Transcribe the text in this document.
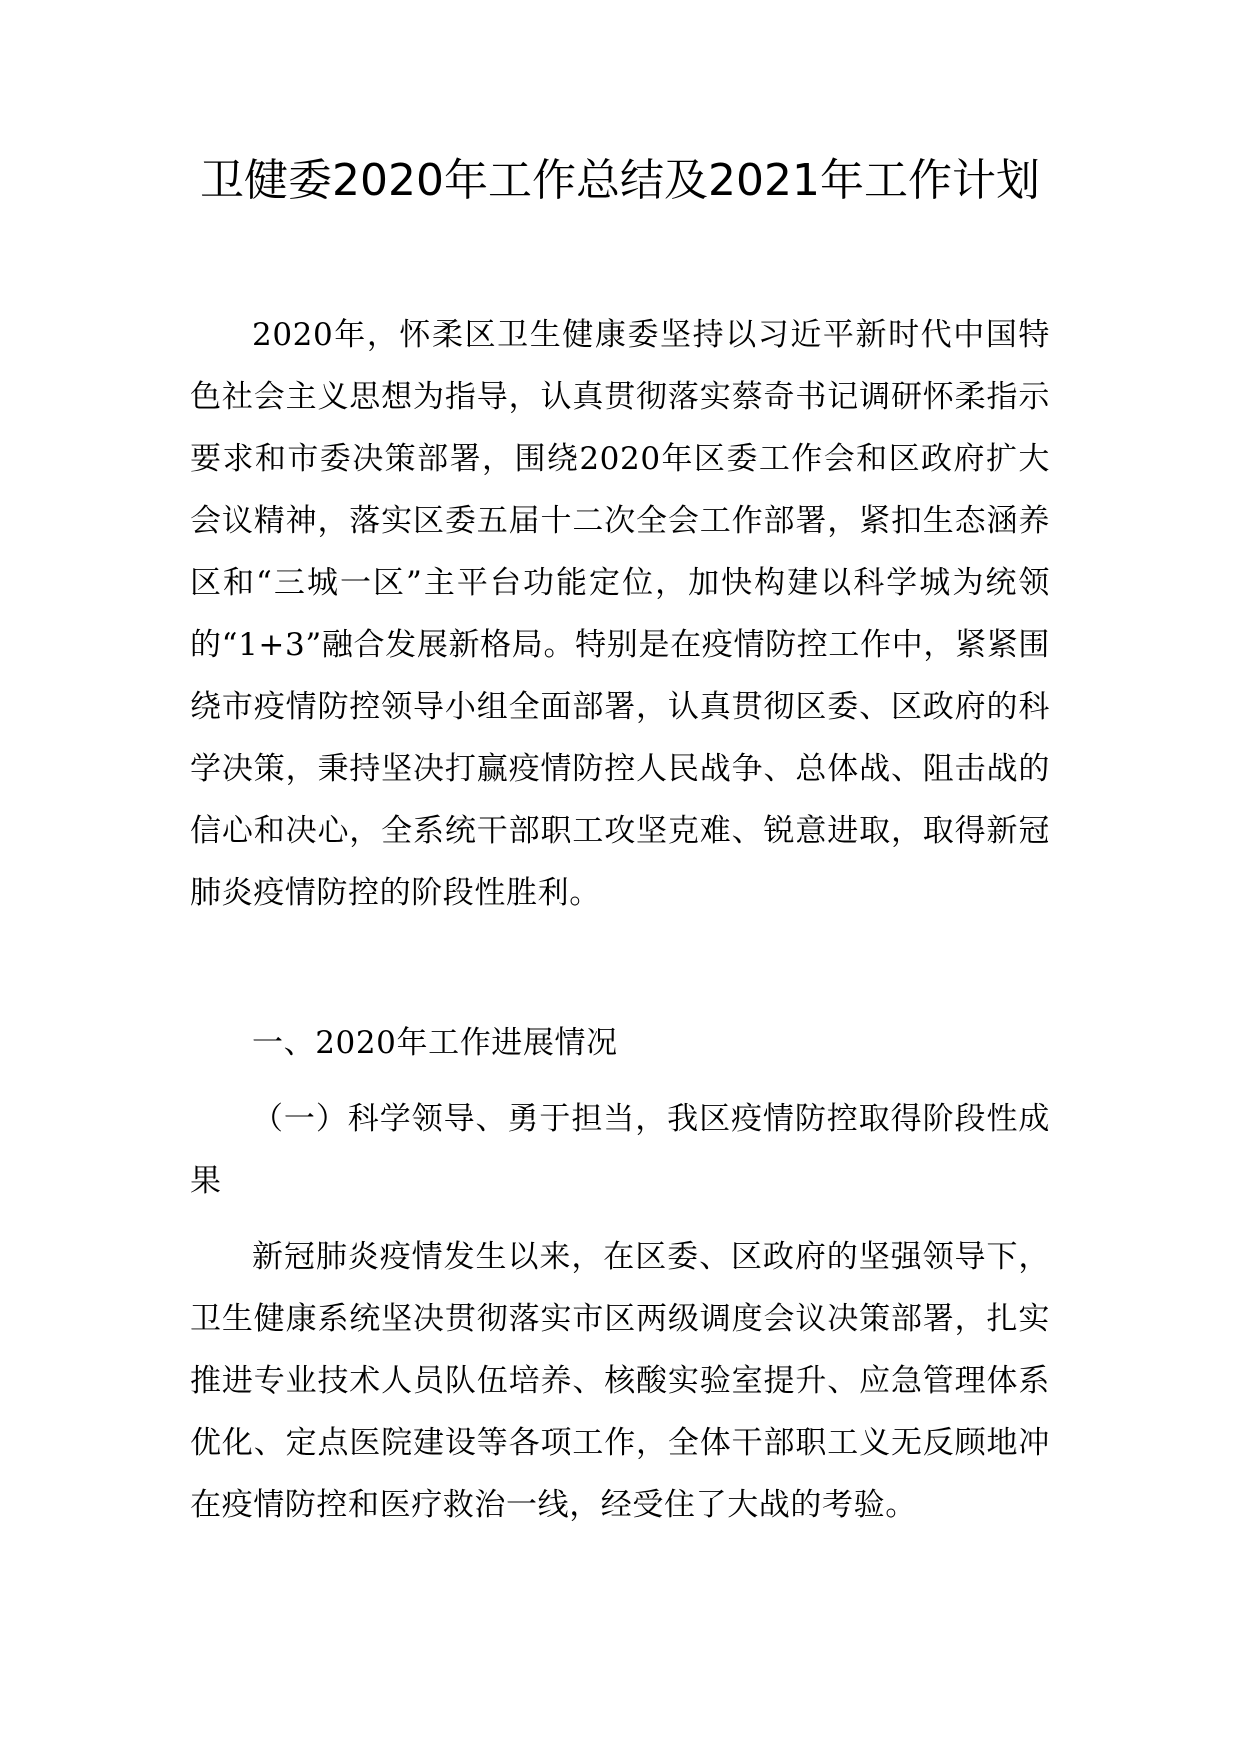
卫健委2020年工作总结及2021年工作计划

2020年，怀柔区卫生健康委坚持以习近平新时代中国特色社会主义思想为指导，认真贯彻落实蔡奇书记调研怀柔指示要求和市委决策部署，围绕2020年区委工作会和区政府扩大会议精神，落实区委五届十二次全会工作部署，紧扣生态涵养区和“三城一区”主平台功能定位，加快构建以科学城为统领的“1+3”融合发展新格局。特别是在疫情防控工作中，紧紧围绕市疫情防控领导小组全面部署，认真贯彻区委、区政府的科学决策，秉持坚决打赢疫情防控人民战争、总体战、阻击战的信心和决心，全系统干部职工攻坚克难、锐意进取，取得新冠肺炎疫情防控的阶段性胜利。

一、2020年工作进展情况

（一）科学领导、勇于担当，我区疫情防控取得阶段性成果

新冠肺炎疫情发生以来，在区委、区政府的坚强领导下，卫生健康系统坚决贯彻落实市区两级调度会议决策部署，扎实推进专业技术人员队伍培养、核酸实验室提升、应急管理体系优化、定点医院建设等各项工作，全体干部职工义无反顾地冲在疫情防控和医疗救治一线，经受住了大战的考验。
